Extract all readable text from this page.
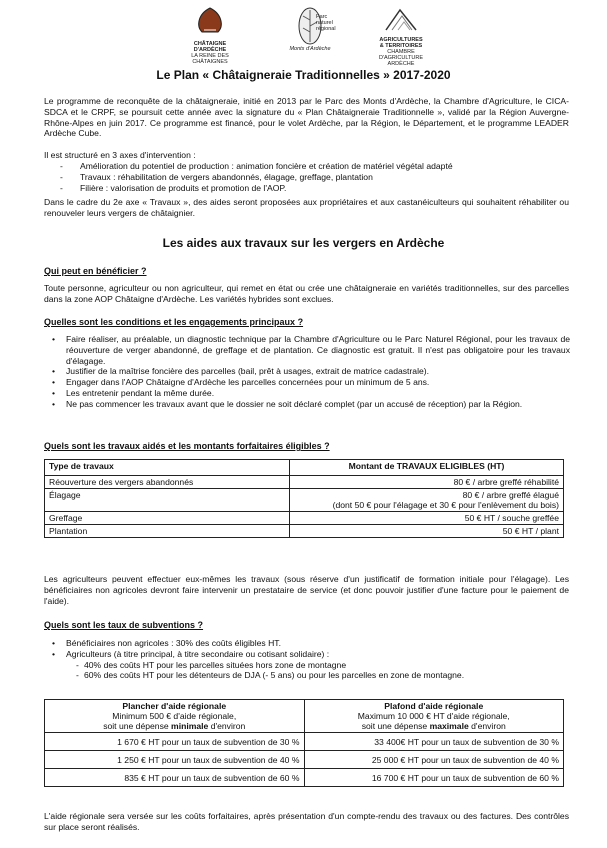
CHÂTAIGNE
D'ARDÈCHE
LA REINE DES CHÂTAIGNES
Parc
naturel
régional
Monts d'Ardèche
AGRICULTURES
& TERRITOIRES
CHAMBRE D'AGRICULTURE
ARDÈCHE
Le Plan « Châtaigneraie Traditionnelles » 2017-2020

Le programme de reconquête de la châtaigneraie, initié en 2013 par le Parc des Monts d'Ardèche, la Chambre d'Agriculture, le CICA-SDCA et le CRPF, se poursuit cette année avec la signature du « Plan Châtaigneraie Traditionnelle », validé par la Région Auvergne-Rhône-Alpes en juin 2017. Ce programme est financé, pour le volet Ardèche, par la Région, le Département, et le programme LEADER Ardèche Cube.

Il est structuré en 3 axes d'intervention :

- Amélioration du potentiel de production : animation foncière et création de matériel végétal adapté
- Travaux : réhabilitation de vergers abandonnés, élagage, greffage, plantation
- Filière : valorisation de produits et promotion de l'AOP.

Dans le cadre du 2e axe « Travaux », des aides seront proposées aux propriétaires et aux castanéiculteurs qui souhaitent réhabiliter ou renouveler leurs vergers de châtaignier.

Les aides aux travaux sur les vergers en Ardèche
Qui peut en bénéficier ?

Toute personne, agriculteur ou non agriculteur, qui remet en état ou crée une châtaigneraie en variétés traditionnelles, sur des parcelles dans la zone AOP Châtaigne d'Ardèche. Les variétés hybrides sont exclues.

Quelles sont les conditions et les engagements principaux ?
• Faire réaliser, au préalable, un diagnostic technique par la Chambre d'Agriculture ou le Parc Naturel Régional, pour les travaux de réouverture de verger abandonné, de greffage et de plantation. Ce diagnostic est gratuit. Il n'est pas obligatoire pour les travaux d'élagage.
• Justifier de la maîtrise foncière des parcelles (bail, prêt à usages, extrait de matrice cadastrale).
• Engager dans l'AOP Châtaigne d'Ardèche les parcelles concernées pour un minimum de 5 ans.
• Les entretenir pendant la même durée.
• Ne pas commencer les travaux avant que le dossier ne soit déclaré complet (par un accusé de réception) par la Région.
Quels sont les travaux aidés et les montants forfaitaires éligibles ?
Type de travaux	Montant de TRAVAUX ELIGIBLES (HT)
Réouverture des vergers abandonnés	80 € / arbre greffé réhabilité
Élagage	80 € / arbre greffé élagué
(dont 50 € pour l'élagage et 30 € pour l'enlèvement du bois)

Greffage	50 € HT / souche greffée
Plantation	50 € HT / plant

Les agriculteurs peuvent effectuer eux-mêmes les travaux (sous réserve d'un justificatif de formation initiale pour l'élagage). Les bénéficiaires non agricoles devront faire intervenir un prestataire de service (et donc pouvoir justifier d'une facture pour le paiement de l'aide).

Quels sont les taux de subventions ?
• Bénéficiaires non agricoles : 30% des coûts éligibles HT.
• Agriculteurs (à titre principal, à titre secondaire ou cotisant solidaire) :
- 40% des coûts HT pour les parcelles situées hors zone de montagne
- 60% des coûts HT pour les détenteurs de DJA (- 5 ans) ou pour les parcelles en zone de montagne.
Plancher d'aide régionale
Minimum 500 € d'aide régionale,
soit une dépense minimale d'environ	Plafond d'aide régionale
Maximum 10 000 € HT d'aide régionale,
soit une dépense maximale d'environ
1 670 € HT pour un taux de subvention de 30 %	33 400€ HT pour un taux de subvention de 30 %
1 250 € HT pour un taux de subvention de 40 %	25 000 € HT pour un taux de subvention de 40 %
835 € HT pour un taux de subvention de 60 %	16 700 € HT pour un taux de subvention de 60 %

L'aide régionale sera versée sur les coûts forfaitaires, après présentation d'un compte-rendu des travaux ou des factures. Des contrôles sur place seront réalisés.
